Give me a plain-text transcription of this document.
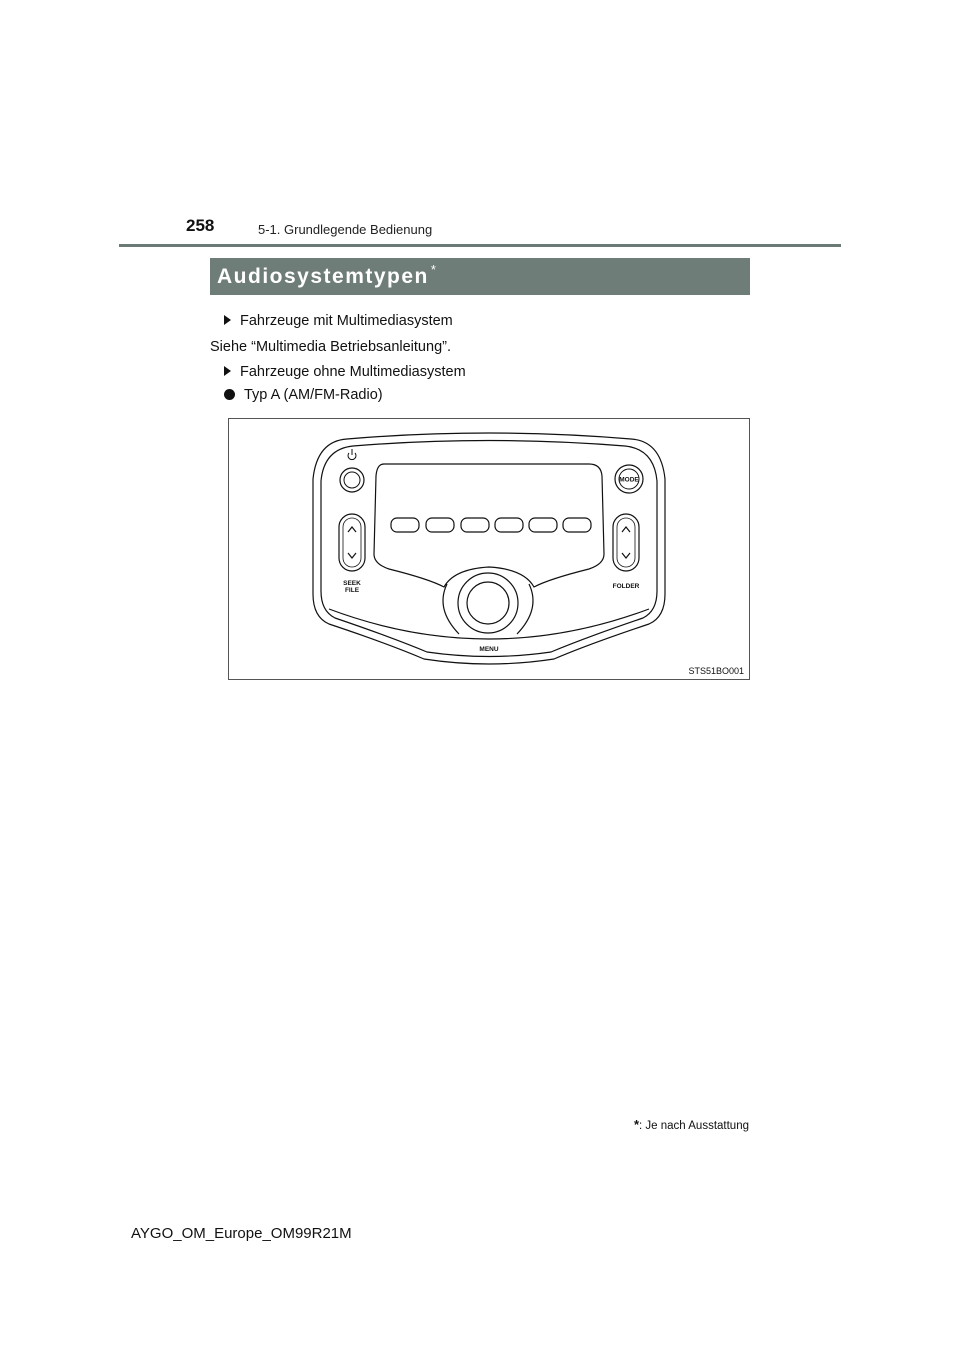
258	5-1. Grundlegende Bedienung
Audiosystemtypen *
Fahrzeuge mit Multimediasystem
Siehe “Multimedia Betriebsanleitung”.
Fahrzeuge ohne Multimediasystem
Typ A (AM/FM-Radio)
MODE
SEEK
FILE
FOLDER
MENU
STS51BO001
*: Je nach Ausstattung
AYGO_OM_Europe_OM99R21M
